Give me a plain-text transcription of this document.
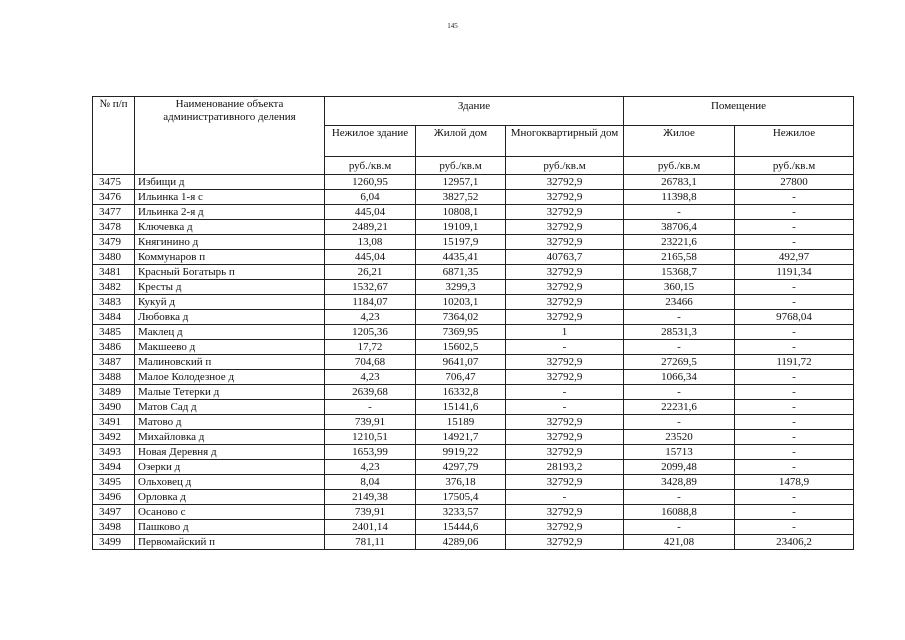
145
№ п/п	Наименование объекта административного деления	Здание			Помещение	
		Нежилое здание	Жилой дом	Многоквартирный дом	Жилое	Нежилое
		руб./кв.м	руб./кв.м	руб./кв.м	руб./кв.м	руб./кв.м
3475	Избищи д	1260,95	12957,1	32792,9	26783,1	27800
3476	Ильинка 1-я с	6,04	3827,52	32792,9	11398,8	-
3477	Ильинка 2-я д	445,04	10808,1	32792,9	-	-
3478	Ключевка д	2489,21	19109,1	32792,9	38706,4	-
3479	Княгинино д	13,08	15197,9	32792,9	23221,6	-
3480	Коммунаров п	445,04	4435,41	40763,7	2165,58	492,97
3481	Красный Богатырь п	26,21	6871,35	32792,9	15368,7	1191,34
3482	Кресты д	1532,67	3299,3	32792,9	360,15	-
3483	Кукуй д	1184,07	10203,1	32792,9	23466	-
3484	Любовка д	4,23	7364,02	32792,9	-	9768,04
3485	Маклец д	1205,36	7369,95	1	28531,3	-
3486	Макшеево д	17,72	15602,5	-	-	-
3487	Малиновский п	704,68	9641,07	32792,9	27269,5	1191,72
3488	Малое Колодезное д	4,23	706,47	32792,9	1066,34	-
3489	Малые Тетерки д	2639,68	16332,8	-	-	-
3490	Матов Сад д	-	15141,6	-	22231,6	-
3491	Матово д	739,91	15189	32792,9	-	-
3492	Михайловка д	1210,51	14921,7	32792,9	23520	-
3493	Новая Деревня д	1653,99	9919,22	32792,9	15713	-
3494	Озерки д	4,23	4297,79	28193,2	2099,48	-
3495	Ольховец д	8,04	376,18	32792,9	3428,89	1478,9
3496	Орловка д	2149,38	17505,4	-	-	-
3497	Осаново с	739,91	3233,57	32792,9	16088,8	-
3498	Пашково д	2401,14	15444,6	32792,9	-	-
3499	Первомайский п	781,11	4289,06	32792,9	421,08	23406,2
